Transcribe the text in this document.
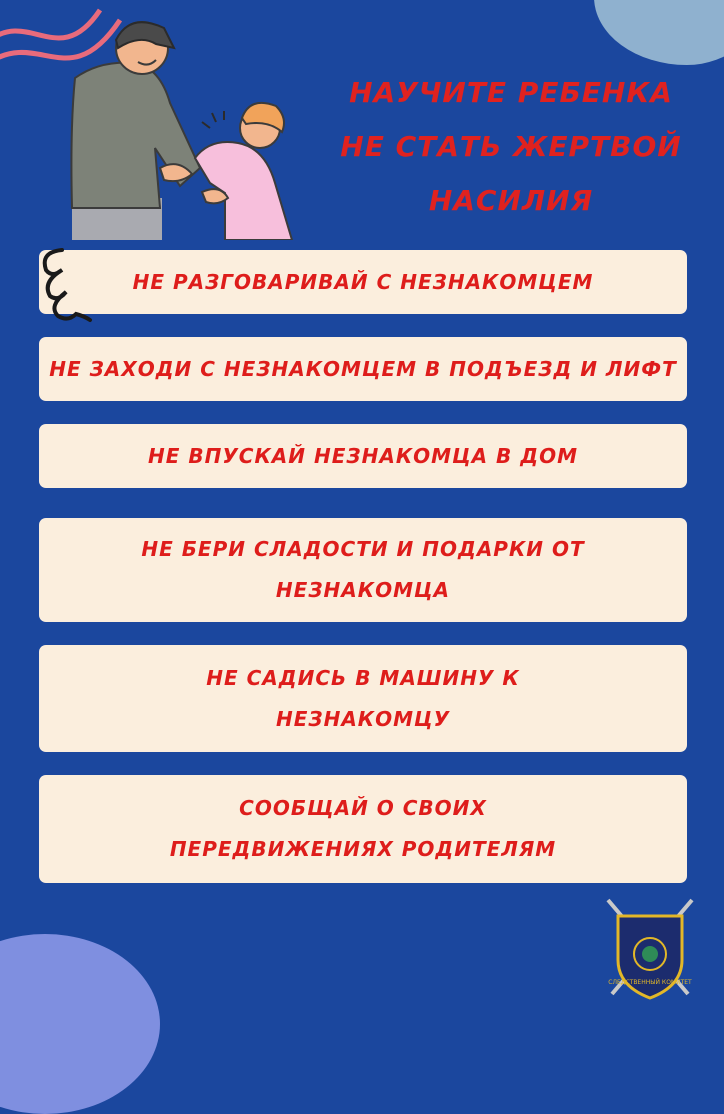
НАУЧИТЕ РЕБЕНКА
НЕ СТАТЬ ЖЕРТВОЙ
НАСИЛИЯ
НЕ РАЗГОВАРИВАЙ С НЕЗНАКОМЦЕМ
НЕ ЗАХОДИ С НЕЗНАКОМЦЕМ В ПОДЪЕЗД И ЛИФТ
НЕ ВПУСКАЙ НЕЗНАКОМЦА В ДОМ
НЕ БЕРИ СЛАДОСТИ И ПОДАРКИ ОТ
НЕЗНАКОМЦА
НЕ САДИСЬ В МАШИНУ К
НЕЗНАКОМЦУ
СООБЩАЙ О СВОИХ
ПЕРЕДВИЖЕНИЯХ РОДИТЕЛЯМ
СЛЕДСТВЕННЫЙ КОМИТЕТ
